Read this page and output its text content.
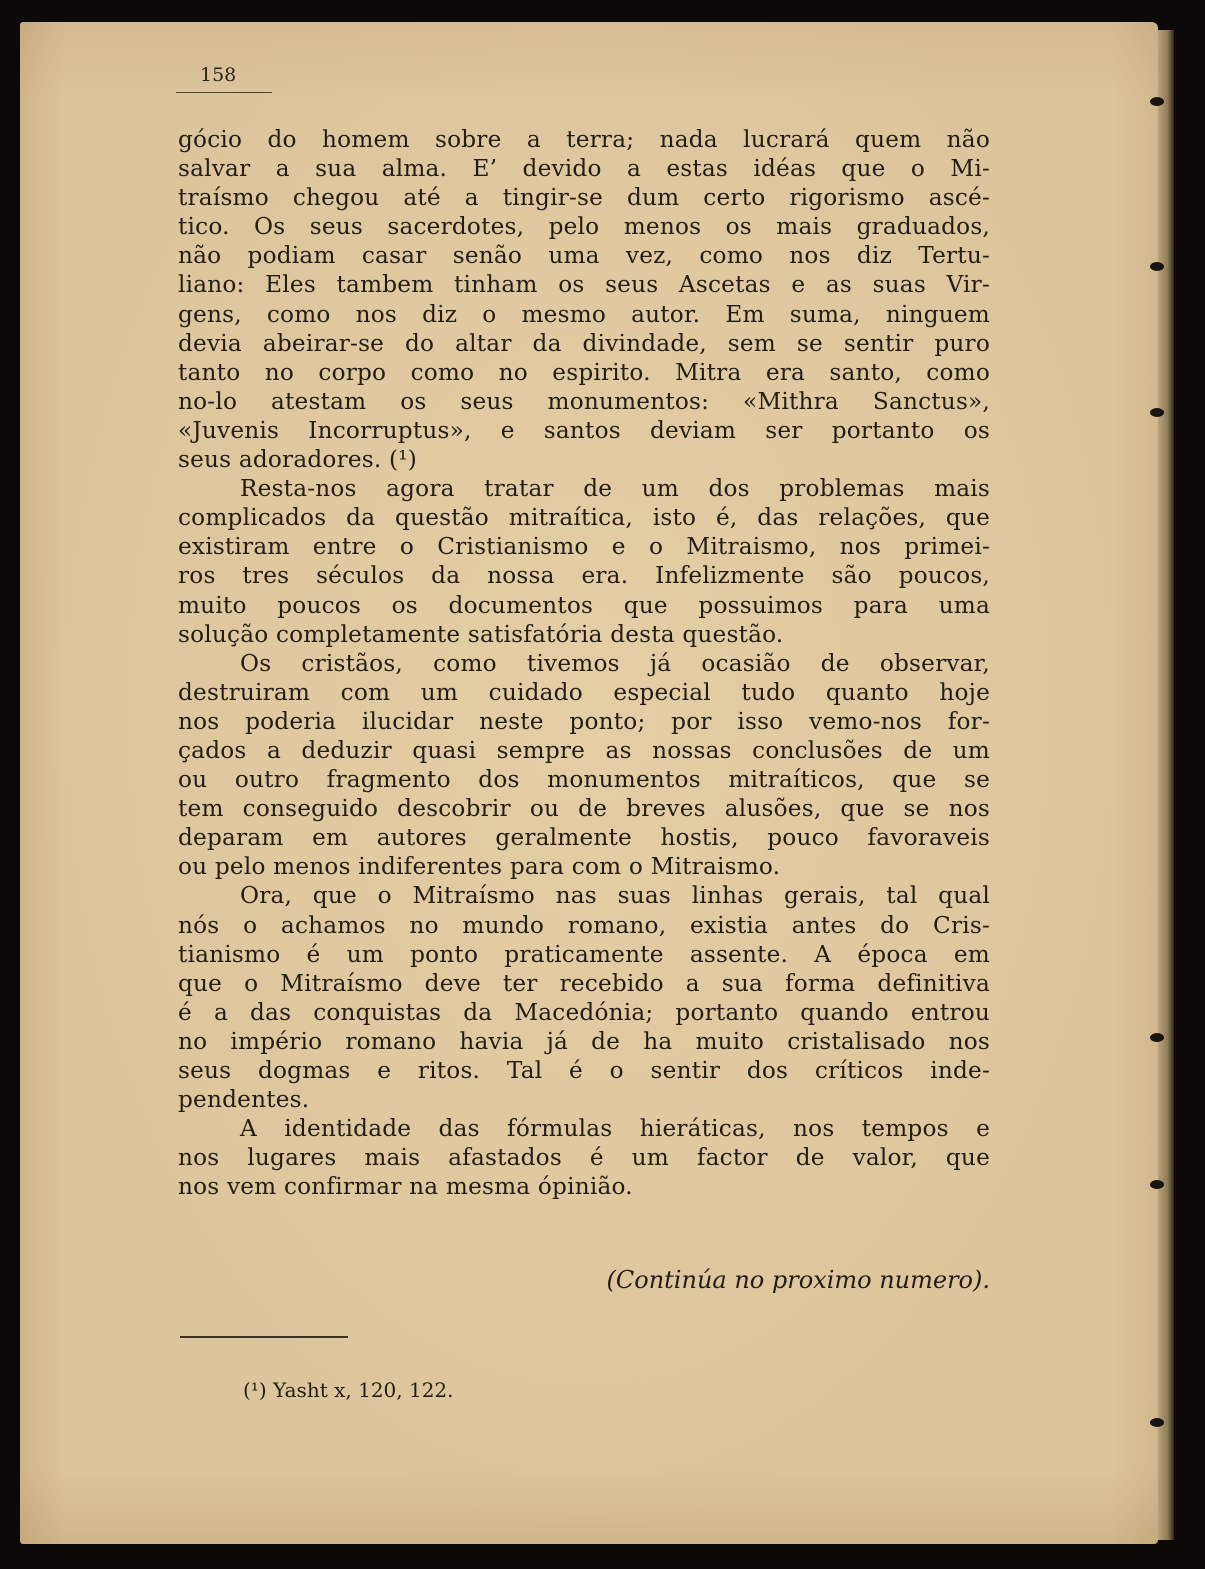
158
gócio do homem sobre a terra; nada lucrará quem não
salvar a sua alma. E’ devido a estas idéas que o Mi-
traísmo chegou até a tingir-se dum certo rigorismo ascé-
tico. Os seus sacerdotes, pelo menos os mais graduados,
não podiam casar senão uma vez, como nos diz Tertu-
liano: Eles tambem tinham os seus Ascetas e as suas Vir-
gens, como nos diz o mesmo autor. Em suma, ninguem
devia abeirar-se do altar da divindade, sem se sentir puro
tanto no corpo como no espirito. Mitra era santo, como
no-lo atestam os seus monumentos: «Mithra Sanctus»,
«Juvenis Incorruptus», e santos deviam ser portanto os
seus adoradores. (¹)
Resta-nos agora tratar de um dos problemas mais
complicados da questão mitraítica, isto é, das relações, que
existiram entre o Cristianismo e o Mitraismo, nos primei-
ros tres séculos da nossa era. Infelizmente são poucos,
muito poucos os documentos que possuimos para uma
solução completamente satisfatória desta questão.
Os cristãos, como tivemos já ocasião de observar,
destruiram com um cuidado especial tudo quanto hoje
nos poderia ilucidar neste ponto; por isso vemo-nos for-
çados a deduzir quasi sempre as nossas conclusões de um
ou outro fragmento dos monumentos mitraíticos, que se
tem conseguido descobrir ou de breves alusões, que se nos
deparam em autores geralmente hostis, pouco favoraveis
ou pelo menos indiferentes para com o Mitraismo.
Ora, que o Mitraísmo nas suas linhas gerais, tal qual
nós o achamos no mundo romano, existia antes do Cris-
tianismo é um ponto praticamente assente. A época em
que o Mitraísmo deve ter recebido a sua forma definitiva
é a das conquistas da Macedónia; portanto quando entrou
no império romano havia já de ha muito cristalisado nos
seus dogmas e ritos. Tal é o sentir dos críticos inde-
pendentes.
A identidade das fórmulas hieráticas, nos tempos e
nos lugares mais afastados é um factor de valor, que
nos vem confirmar na mesma ópinião.
(Continúa no proximo numero).
(¹) Yasht x, 120, 122.
